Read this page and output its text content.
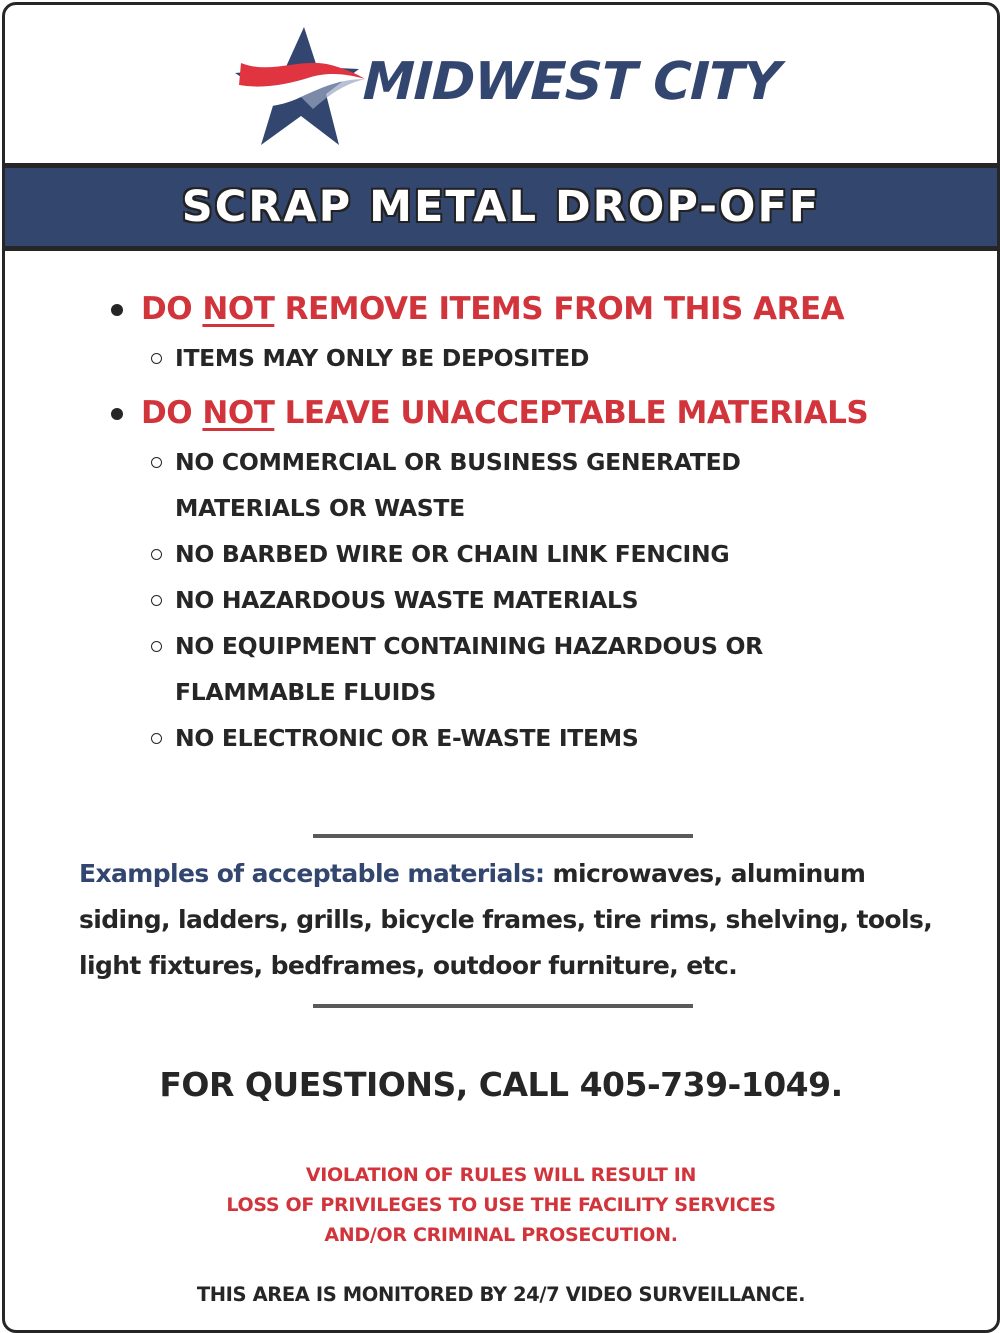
MIDWEST CITY
SCRAP METAL DROP-OFF
DO NOT REMOVE ITEMS FROM THIS AREA
ITEMS MAY ONLY BE DEPOSITED
DO NOT LEAVE UNACCEPTABLE MATERIALS
NO COMMERCIAL OR BUSINESS GENERATED MATERIALS OR WASTE
NO BARBED WIRE OR CHAIN LINK FENCING
NO HAZARDOUS WASTE MATERIALS
NO EQUIPMENT CONTAINING HAZARDOUS OR FLAMMABLE FLUIDS
NO ELECTRONIC OR E-WASTE ITEMS
Examples of acceptable materials: microwaves, aluminum siding, ladders, grills, bicycle frames, tire rims, shelving, tools, light fixtures, bedframes, outdoor furniture, etc.
FOR QUESTIONS, CALL 405-739-1049.
VIOLATION OF RULES WILL RESULT IN
LOSS OF PRIVILEGES TO USE THE FACILITY SERVICES
AND/OR CRIMINAL PROSECUTION.
THIS AREA IS MONITORED BY 24/7 VIDEO SURVEILLANCE.
